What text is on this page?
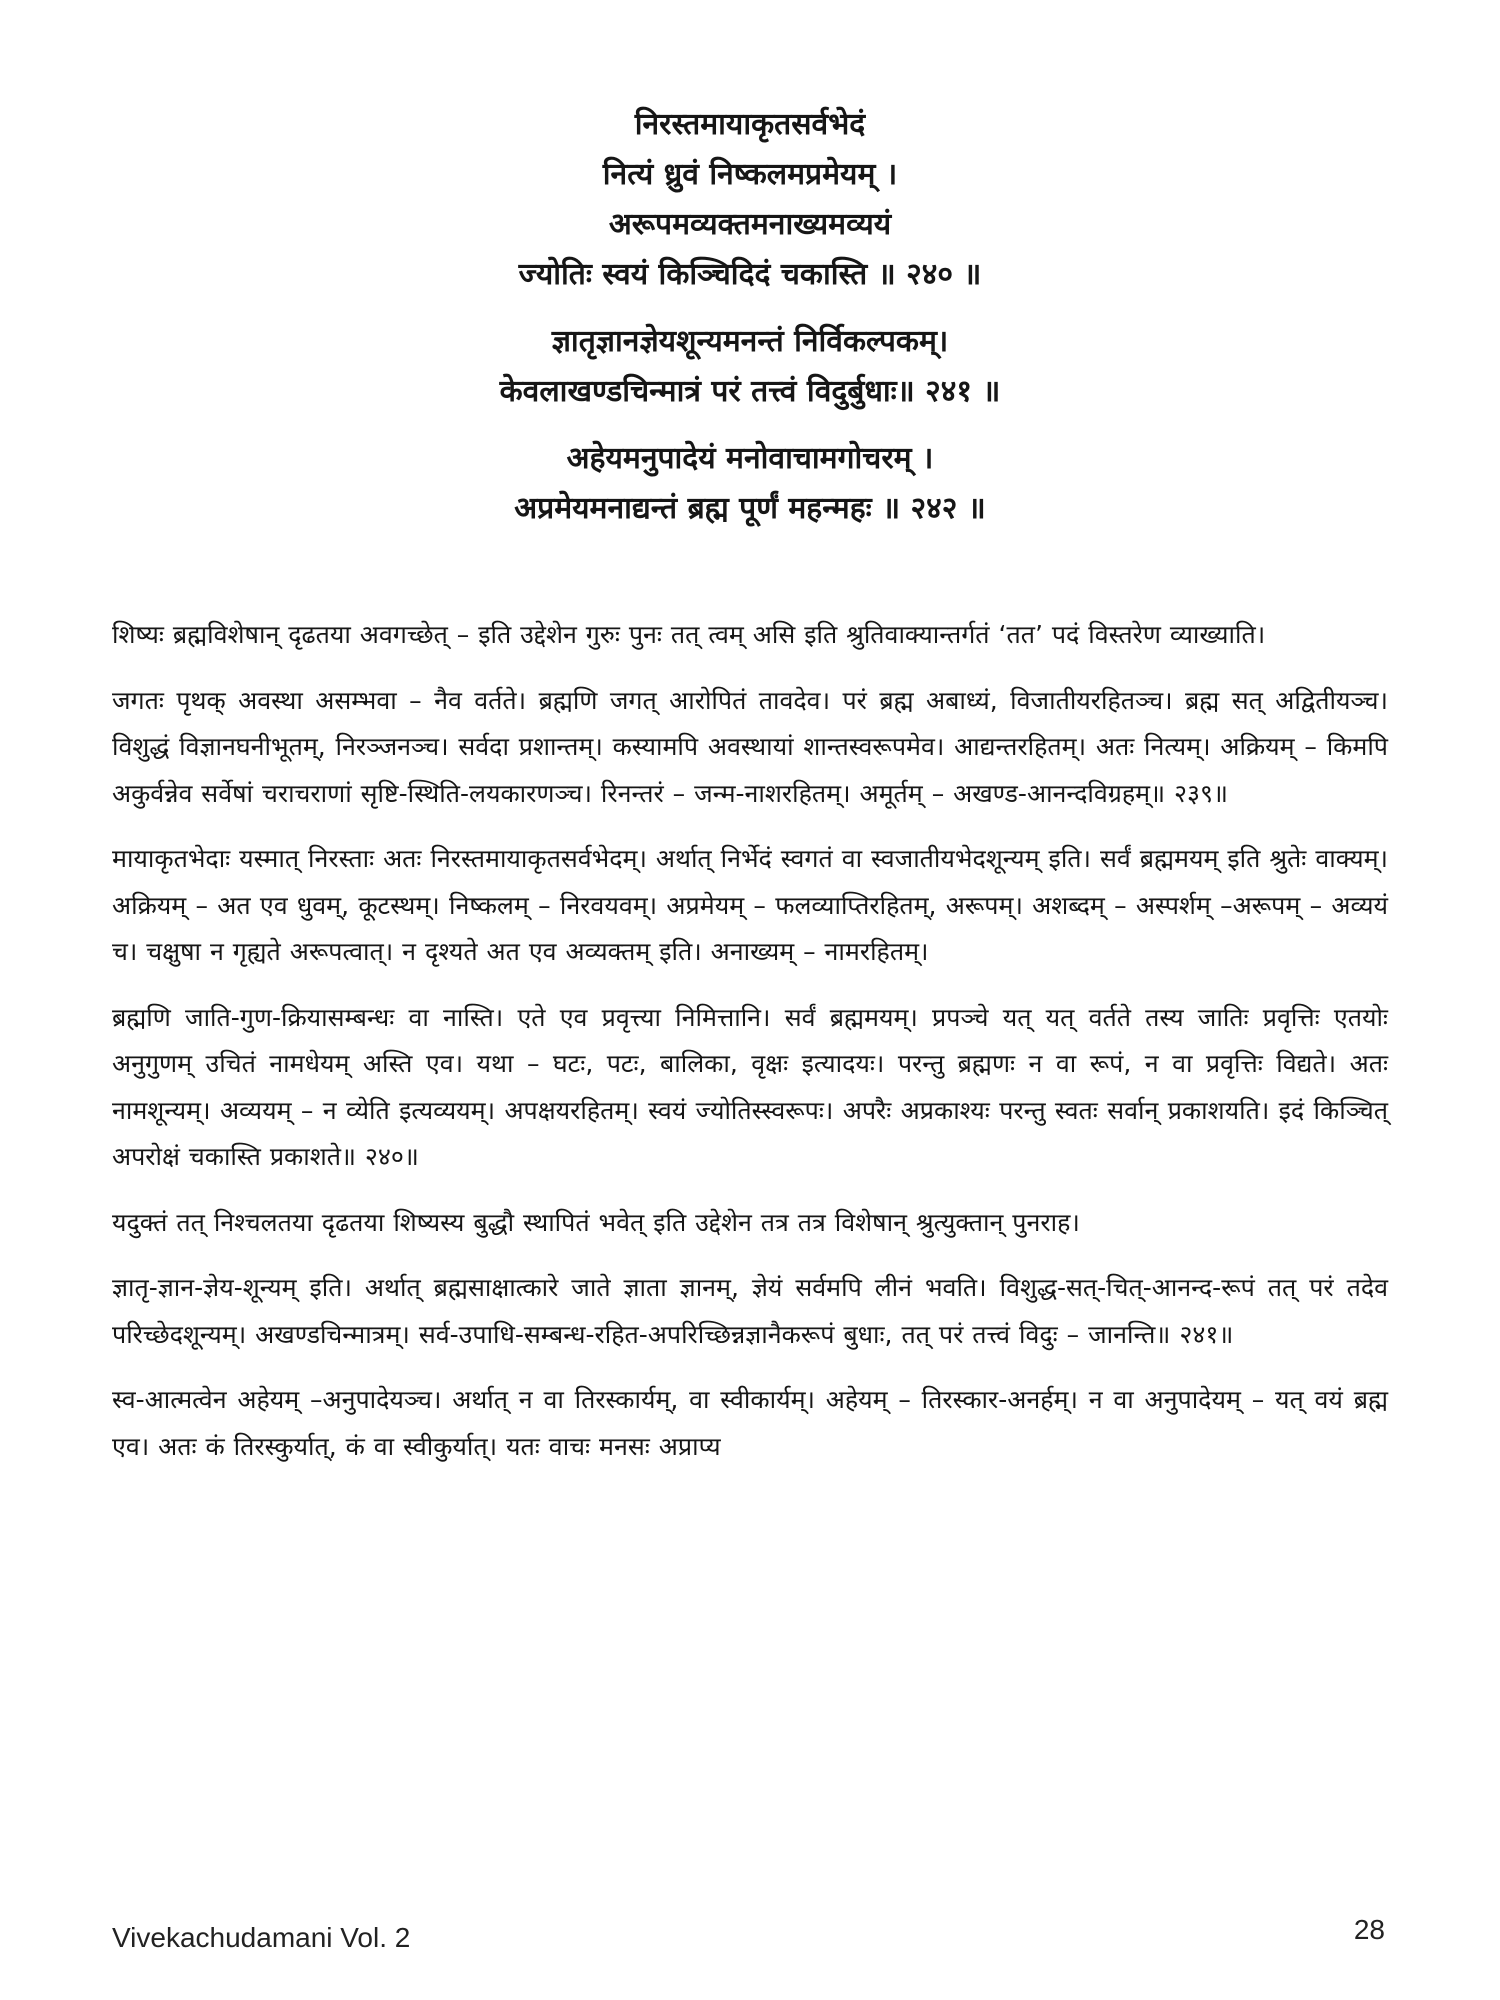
निरस्तमायाकृतसर्वभेदं
नित्यं ध्रुवं निष्कलमप्रमेयम् ।
अरूपमव्यक्तमनाख्यमव्ययं
ज्योतिः स्वयं किञ्चिदिदं चकास्ति ॥ २४० ॥
ज्ञातृज्ञानज्ञेयशून्यमनन्तं निर्विकल्पकम्।
केवलाखण्डचिन्मात्रं परं तत्त्वं विदुर्बुधाः॥ २४१ ॥
अहेयमनुपादेयं मनोवाचामगोचरम् ।
अप्रमेयमनाद्यन्तं ब्रह्म पूर्णं महन्महः ॥ २४२ ॥

शिष्यः ब्रह्मविशेषान् दृढतया अवगच्छेत् – इति उद्देशेन गुरुः पुनः तत् त्वम् असि इति श्रुतिवाक्यान्तर्गतं ‘तत’ पदं विस्तरेण व्याख्याति।

जगतः पृथक् अवस्था असम्भवा – नैव वर्तते। ब्रह्मणि जगत् आरोपितं तावदेव। परं ब्रह्म अबाध्यं, विजातीयरहितञ्च। ब्रह्म सत् अद्वितीयञ्च। विशुद्धं विज्ञानघनीभूतम्, निरञ्जनञ्च। सर्वदा प्रशान्तम्। कस्यामपि अवस्थायां शान्तस्वरूपमेव। आद्यन्तरहितम्। अतः नित्यम्। अक्रियम् – किमपि अकुर्वन्नेव सर्वेषां चराचराणां सृष्टि-स्थिति-लयकारणञ्च। रिनन्तरं – जन्म-नाशरहितम्। अमूर्तम् – अखण्ड-आनन्दविग्रहम्॥ २३९॥

मायाकृतभेदाः यस्मात् निरस्ताः अतः निरस्तमायाकृतसर्वभेदम्। अर्थात् निर्भेदं स्वगतं वा स्वजातीयभेदशून्यम् इति। सर्वं ब्रह्ममयम् इति श्रुतेः वाक्यम्। अक्रियम् – अत एव धुवम्, कूटस्थम्। निष्कलम् – निरवयवम्। अप्रमेयम् – फलव्याप्तिरहितम्, अरूपम्। अशब्दम् – अस्पर्शम् –अरूपम् – अव्ययं च। चक्षुषा न गृह्यते अरूपत्वात्। न दृश्यते अत एव अव्यक्तम् इति। अनाख्यम् – नामरहितम्।

ब्रह्मणि जाति-गुण-क्रियासम्बन्धः वा नास्ति। एते एव प्रवृत्त्या निमित्तानि। सर्वं ब्रह्ममयम्। प्रपञ्चे यत् यत् वर्तते तस्य जातिः प्रवृत्तिः एतयोः अनुगुणम् उचितं नामधेयम् अस्ति एव। यथा – घटः, पटः, बालिका, वृक्षः इत्यादयः। परन्तु ब्रह्मणः न वा रूपं, न वा प्रवृत्तिः विद्यते। अतः नामशून्यम्। अव्ययम् – न व्येति इत्यव्ययम्। अपक्षयरहितम्। स्वयं ज्योतिस्स्वरूपः। अपरैः अप्रकाश्यः परन्तु स्वतः सर्वान् प्रकाशयति। इदं किञ्चित् अपरोक्षं चकास्ति प्रकाशते॥ २४०॥

यदुक्तं तत् निश्चलतया दृढतया शिष्यस्य बुद्धौ स्थापितं भवेत् इति उद्देशेन तत्र तत्र विशेषान् श्रुत्युक्तान् पुनराह।

ज्ञातृ-ज्ञान-ज्ञेय-शून्यम् इति। अर्थात् ब्रह्मसाक्षात्कारे जाते ज्ञाता ज्ञानम्, ज्ञेयं सर्वमपि लीनं भवति। विशुद्ध-सत्-चित्-आनन्द-रूपं तत् परं तदेव परिच्छेदशून्यम्। अखण्डचिन्मात्रम्। सर्व-उपाधि-सम्बन्ध-रहित-अपरिच्छिन्नज्ञानैकरूपं बुधाः, तत् परं तत्त्वं विदुः – जानन्ति॥ २४१॥

स्व-आत्मत्वेन अहेयम् –अनुपादेयञ्च। अर्थात् न वा तिरस्कार्यम्, वा स्वीकार्यम्। अहेयम् – तिरस्कार-अनर्हम्। न वा अनुपादेयम् – यत् वयं ब्रह्म एव। अतः कं तिरस्कुर्यात्, कं वा स्वीकुर्यात्। यतः वाचः मनसः अप्राप्य

Vivekachudamani Vol. 2	28
